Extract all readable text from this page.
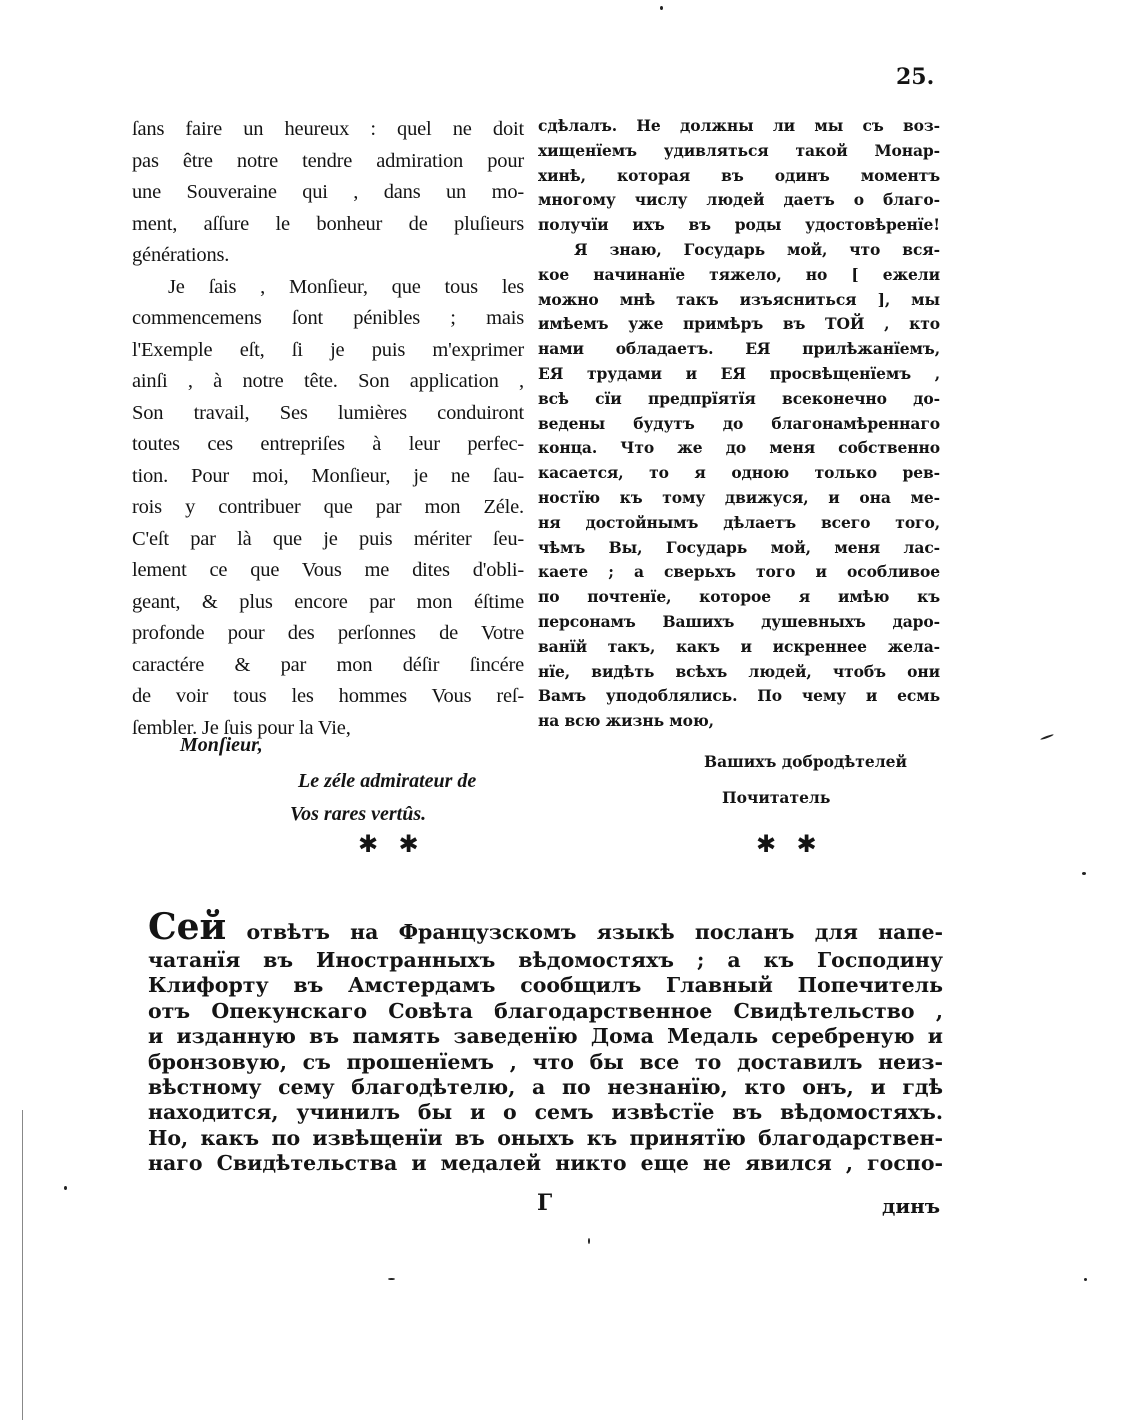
25.
ſans faire un heureux : quel ne doit
pas être notre tendre admiration pour
une Souveraine qui , dans un mo-
ment, aſſure le bonheur de pluſieurs
générations.
Je ſais , Monſieur, que tous les
commencemens ſont pénibles ; mais
l'Exemple eſt, ſi je puis m'exprimer
ainſi , à notre tête. Son application ,
Son travail, Ses lumières conduiront
toutes ces entrepriſes à leur perfec-
tion. Pour moi, Monſieur, je ne ſau-
rois y contribuer que par mon Zéle.
C'eſt par là que je puis mériter ſeu-
lement ce que Vous me dites d'obli-
geant, & plus encore par mon éſtime
profonde pour des perſonnes de Votre
caractére & par mon déſir ſincére
de voir tous les hommes Vous reſ-
ſembler. Je ſuis pour la Vie,
Monſieur,
Le zéle admirateur de
Vos rares vertûs.
✱ ✱
сдѣлалъ. Не должны ли мы съ воз-
хищенїемъ удивляться такой Монар-
хинѣ, которая въ одинъ моментъ
многому числу людей даетъ о благо-
получїи ихъ въ роды удостовѣренїе!
Я знаю, Государь мой, что вся-
кое начинанїе тяжело, но [ ежели
можно мнѣ такъ изъясниться ], мы
имѣемъ уже примѣръ въ ТОЙ , кто
нами обладаетъ. ЕЯ прилѣжанїемъ,
ЕЯ трудами и ЕЯ просвѣщенїемъ ,
всѣ сїи предпрїятїя всеконечно до-
ведены будутъ до благонамѣреннаго
конца. Что же до меня собственно
касается, то я одною только рев-
ностїю къ тому движуся, и она ме-
ня достойнымъ дѣлаетъ всего того,
чѣмъ Вы, Государь мой, меня лас-
каете ; а сверьхъ того и особливое
по почтенїе, которое я имѣю къ
персонамъ Вашихъ душевныхъ даро-
ванїй такъ, какъ и искреннее жела-
нїе, видѣть всѣхъ людей, чтобъ они
Вамъ уподоблялись. По чему и есмь
на всю жизнь мою,
Вашихъ добродѣтелей
Почитатель
✱ ✱
Сей отвѣтъ на Французскомъ языкѣ посланъ для напе-
чатанїя въ Иностранныхъ вѣдомостяхъ ; а къ Господину
Клифорту въ Амстердамъ сообщилъ Главный Попечитель
отъ Опекунскаго Совѣта благодарственное Свидѣтельство ,
и изданную въ память заведенїю Дома Медаль серебреную и
бронзовую, съ прошенїемъ , что бы все то доставилъ неиз-
вѣстному сему благодѣтелю, а по незнанїю, кто онъ, и гдѣ
находится, учинилъ бы и о семъ извѣстїе въ вѣдомостяхъ.
Но, какъ по извѣщенїи въ оныхъ къ принятїю благодарствен-
наго Свидѣтельства и медалей никто еще не явился , госпо-
Г	динъ
